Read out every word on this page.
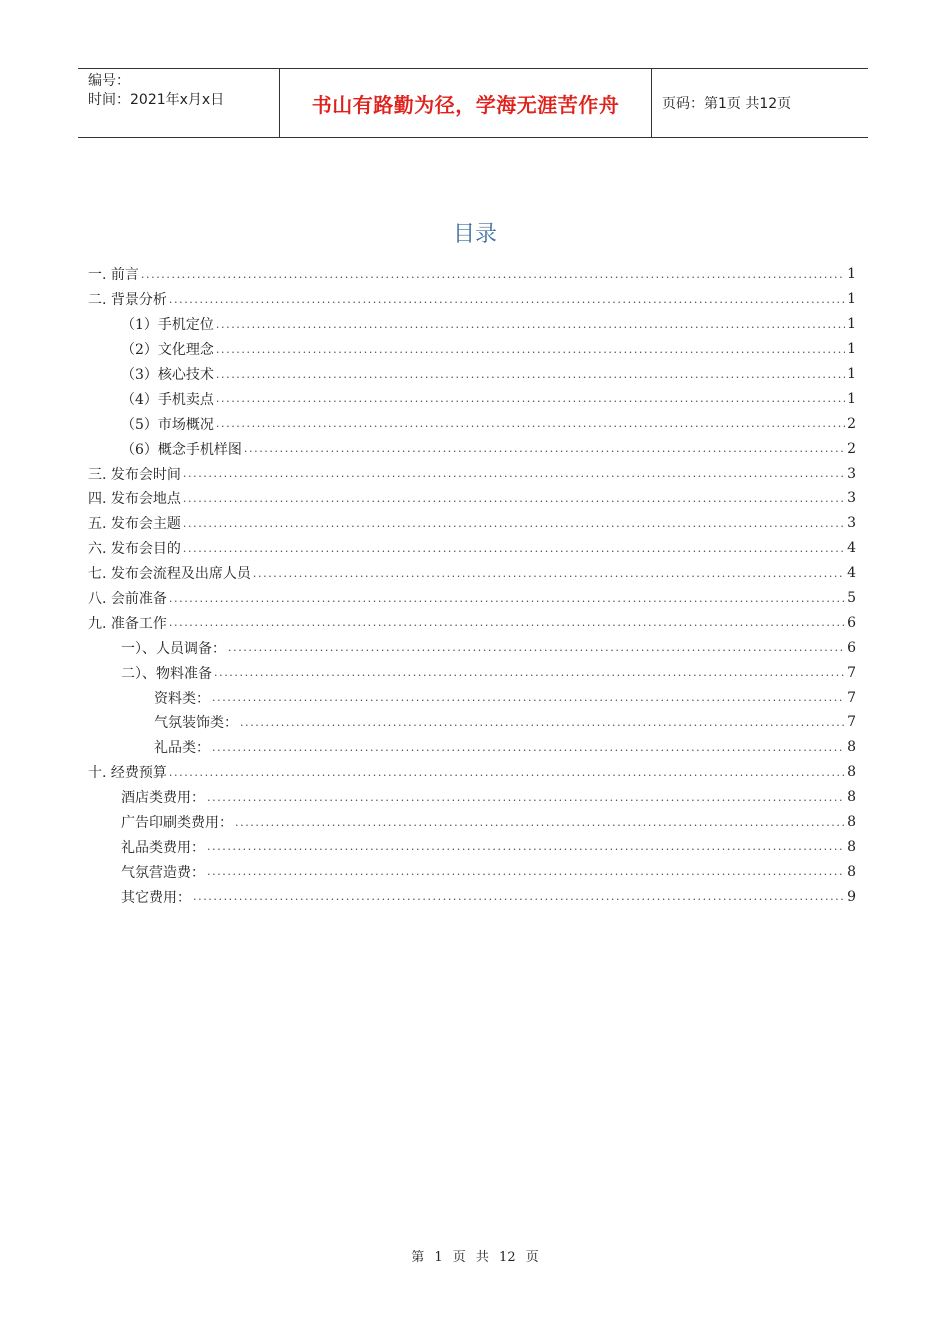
编号：
时间：2021年x月x日	书山有路勤为径，学海无涯苦作舟	页码：第1页 共12页
目录
一. 前言 .....	1
二. 背景分析 .....	1
（1）手机定位 .....	1
（2）文化理念 .....	1
（3）核心技术 .....	1
（4）手机卖点 .....	1
（5）市场概况 .....	2
（6）概念手机样图 .....	2
三. 发布会时间 .....	3
四. 发布会地点 .....	3
五. 发布会主题 .....	3
六. 发布会目的 .....	4
七. 发布会流程及出席人员 .....	4
八. 会前准备 .....	5
九. 准备工作 .....	6
一）、人员调备： .....	6
二）、物料准备 .....	7
资料类： .....	7
气氛装饰类： .....	7
礼品类： .....	8
十. 经费预算 .....	8
酒店类费用： .....	8
广告印刷类费用： .....	8
礼品类费用： .....	8
气氛营造费： .....	8
其它费用： .....	9
第 1 页 共 12 页
